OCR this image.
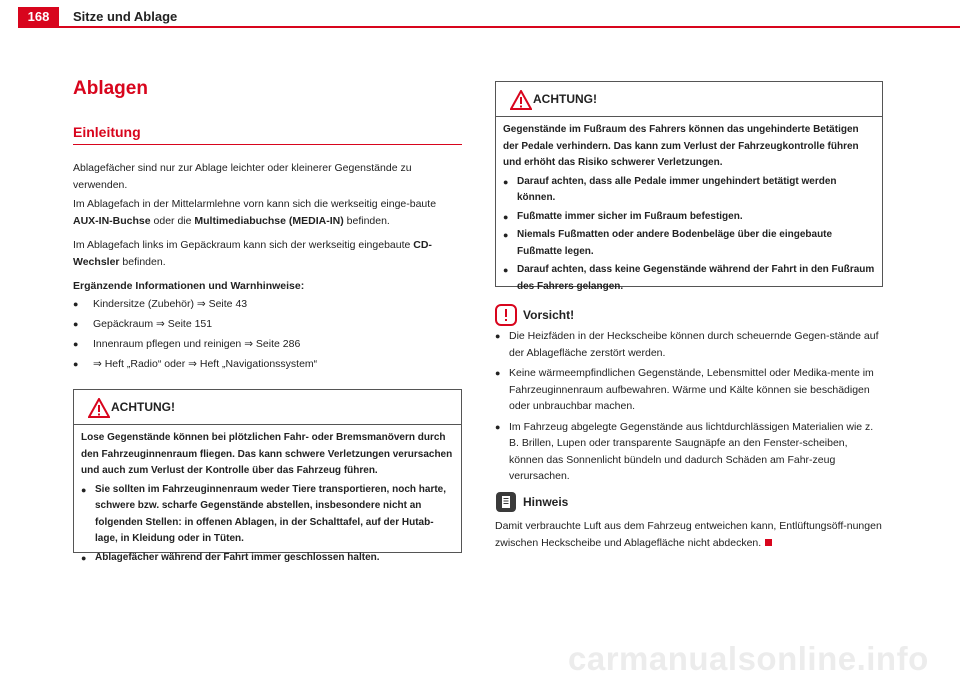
168	Sitze und Ablage
Ablagen
Einleitung
Ablagefächer sind nur zur Ablage leichter oder kleinerer Gegenstände zu verwenden.
Im Ablagefach in der Mittelarmlehne vorn kann sich die werkseitig einge-baute AUX-IN-Buchse oder die Multimediabuchse (MEDIA-IN) befinden.
Im Ablagefach links im Gepäckraum kann sich der werkseitig eingebaute CD-Wechsler befinden.
Ergänzende Informationen und Warnhinweise:
● Kindersitze (Zubehör) ⇒ Seite 43
● Gepäckraum ⇒ Seite 151
● Innenraum pflegen und reinigen ⇒ Seite 286
● ⇒ Heft „Radio“ oder ⇒ Heft „Navigationssystem“
ACHTUNG!

Lose Gegenstände können bei plötzlichen Fahr- oder Bremsmanövern durch den Fahrzeuginnenraum fliegen. Das kann schwere Verletzungen verursachen und auch zum Verlust der Kontrolle über das Fahrzeug führen.

● Sie sollten im Fahrzeuginnenraum weder Tiere transportieren, noch harte, schwere bzw. scharfe Gegenstände abstellen, insbesondere nicht an folgenden Stellen: in offenen Ablagen, in der Schalttafel, auf der Hutab-lage, in Kleidung oder in Tüten.
● Ablagefächer während der Fahrt immer geschlossen halten.
ACHTUNG!

Gegenstände im Fußraum des Fahrers können das ungehinderte Betätigen der Pedale verhindern. Das kann zum Verlust der Fahrzeugkontrolle führen und erhöht das Risiko schwerer Verletzungen.

● Darauf achten, dass alle Pedale immer ungehindert betätigt werden können.
● Fußmatte immer sicher im Fußraum befestigen.
● Niemals Fußmatten oder andere Bodenbeläge über die eingebaute Fußmatte legen.
● Darauf achten, dass keine Gegenstände während der Fahrt in den Fußraum des Fahrers gelangen.
Vorsicht!
● Die Heizfäden in der Heckscheibe können durch scheuernde Gegen-stände auf der Ablagefläche zerstört werden.
● Keine wärmeempfindlichen Gegenstände, Lebensmittel oder Medika-mente im Fahrzeuginnenraum aufbewahren. Wärme und Kälte können sie beschädigen oder unbrauchbar machen.
● Im Fahrzeug abgelegte Gegenstände aus lichtdurchlässigen Materialien wie z. B. Brillen, Lupen oder transparente Saugnäpfe an den Fenster-scheiben, können das Sonnenlicht bündeln und dadurch Schäden am Fahr-zeug verursachen.
Hinweis
Damit verbrauchte Luft aus dem Fahrzeug entweichen kann, Entlüftungsöff-nungen zwischen Heckscheibe und Ablagefläche nicht abdecken.
carmanualsonline.info
